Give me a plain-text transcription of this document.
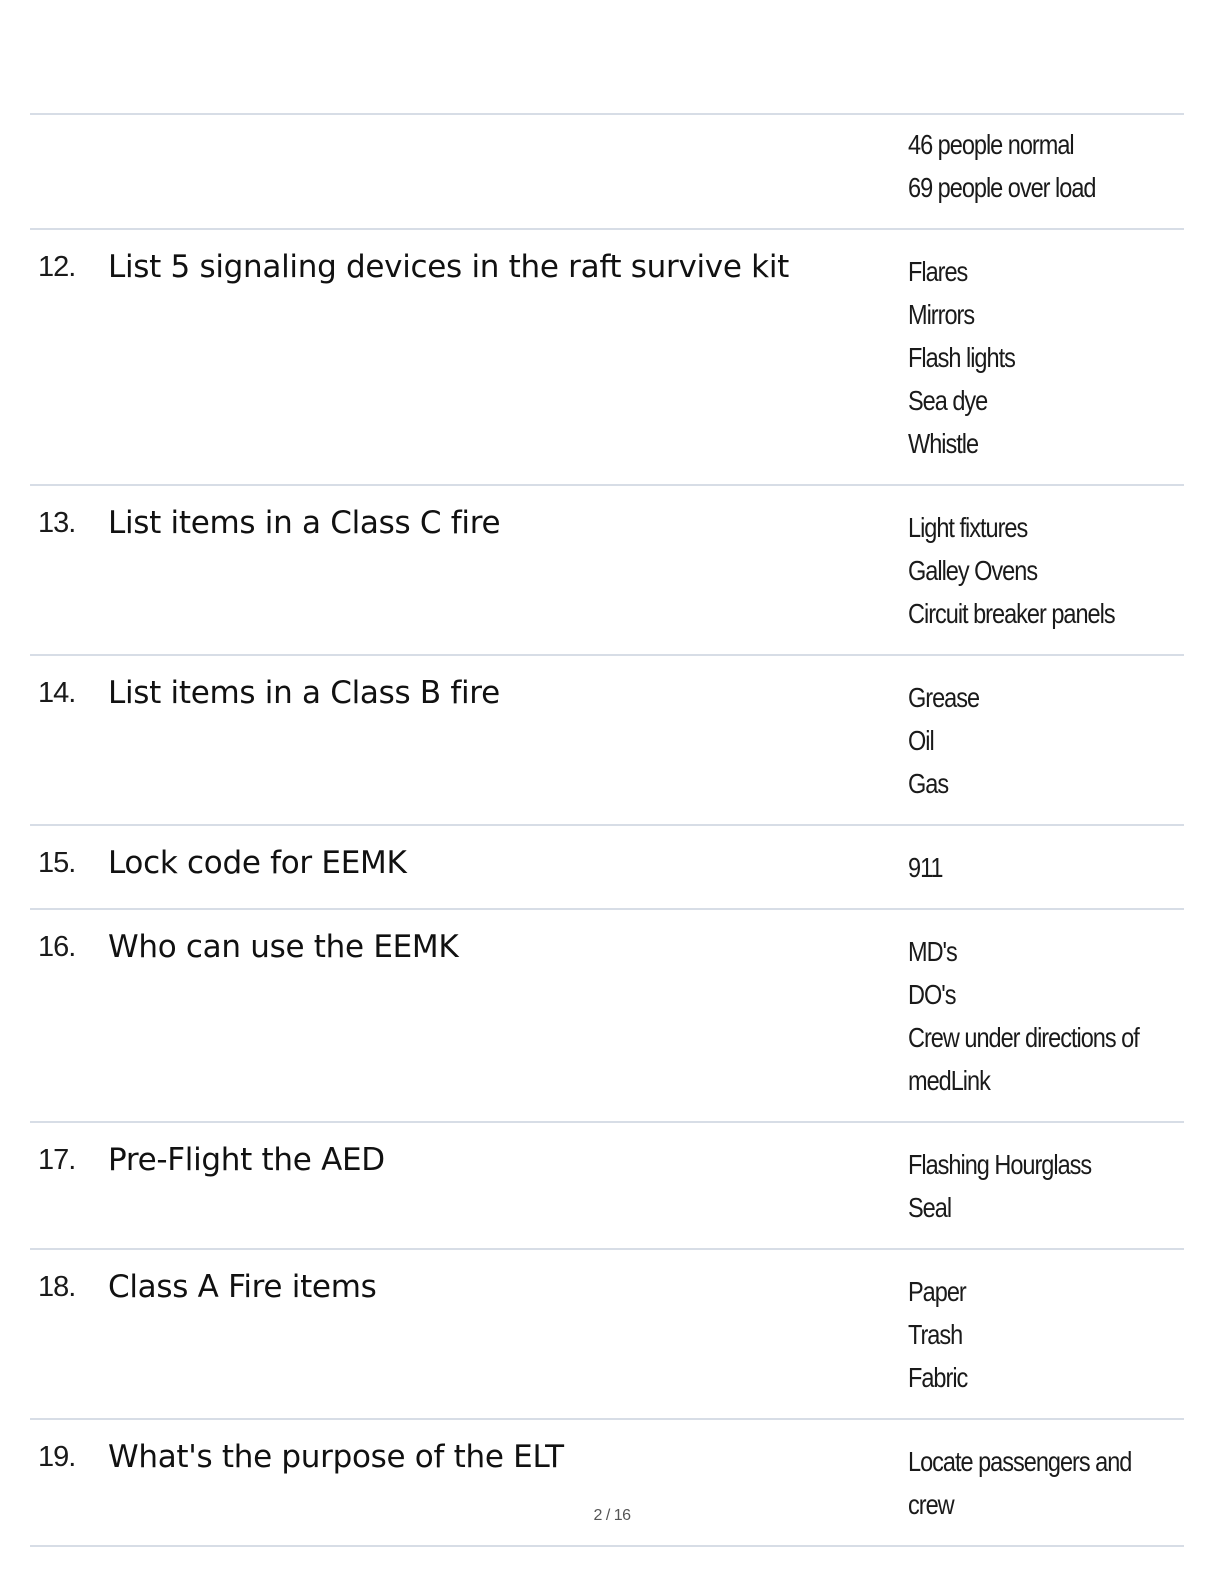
46 people normal
69 people over load
12.	List 5 signaling devices in the raft survive kit	Flares
Mirrors
Flash lights
Sea dye
Whistle
13.	List items in a Class C fire	Light fixtures
Galley Ovens
Circuit breaker panels
14.	List items in a Class B fire	Grease
Oil
Gas
15.	Lock code for EEMK	911
16.	Who can use the EEMK	MD's
DO's
Crew under directions of
medLink
17.	Pre-Flight the AED	Flashing Hourglass
Seal
18.	Class A Fire items	Paper
Trash
Fabric
19.	What's the purpose of the ELT	Locate passengers and
crew
2 / 16
